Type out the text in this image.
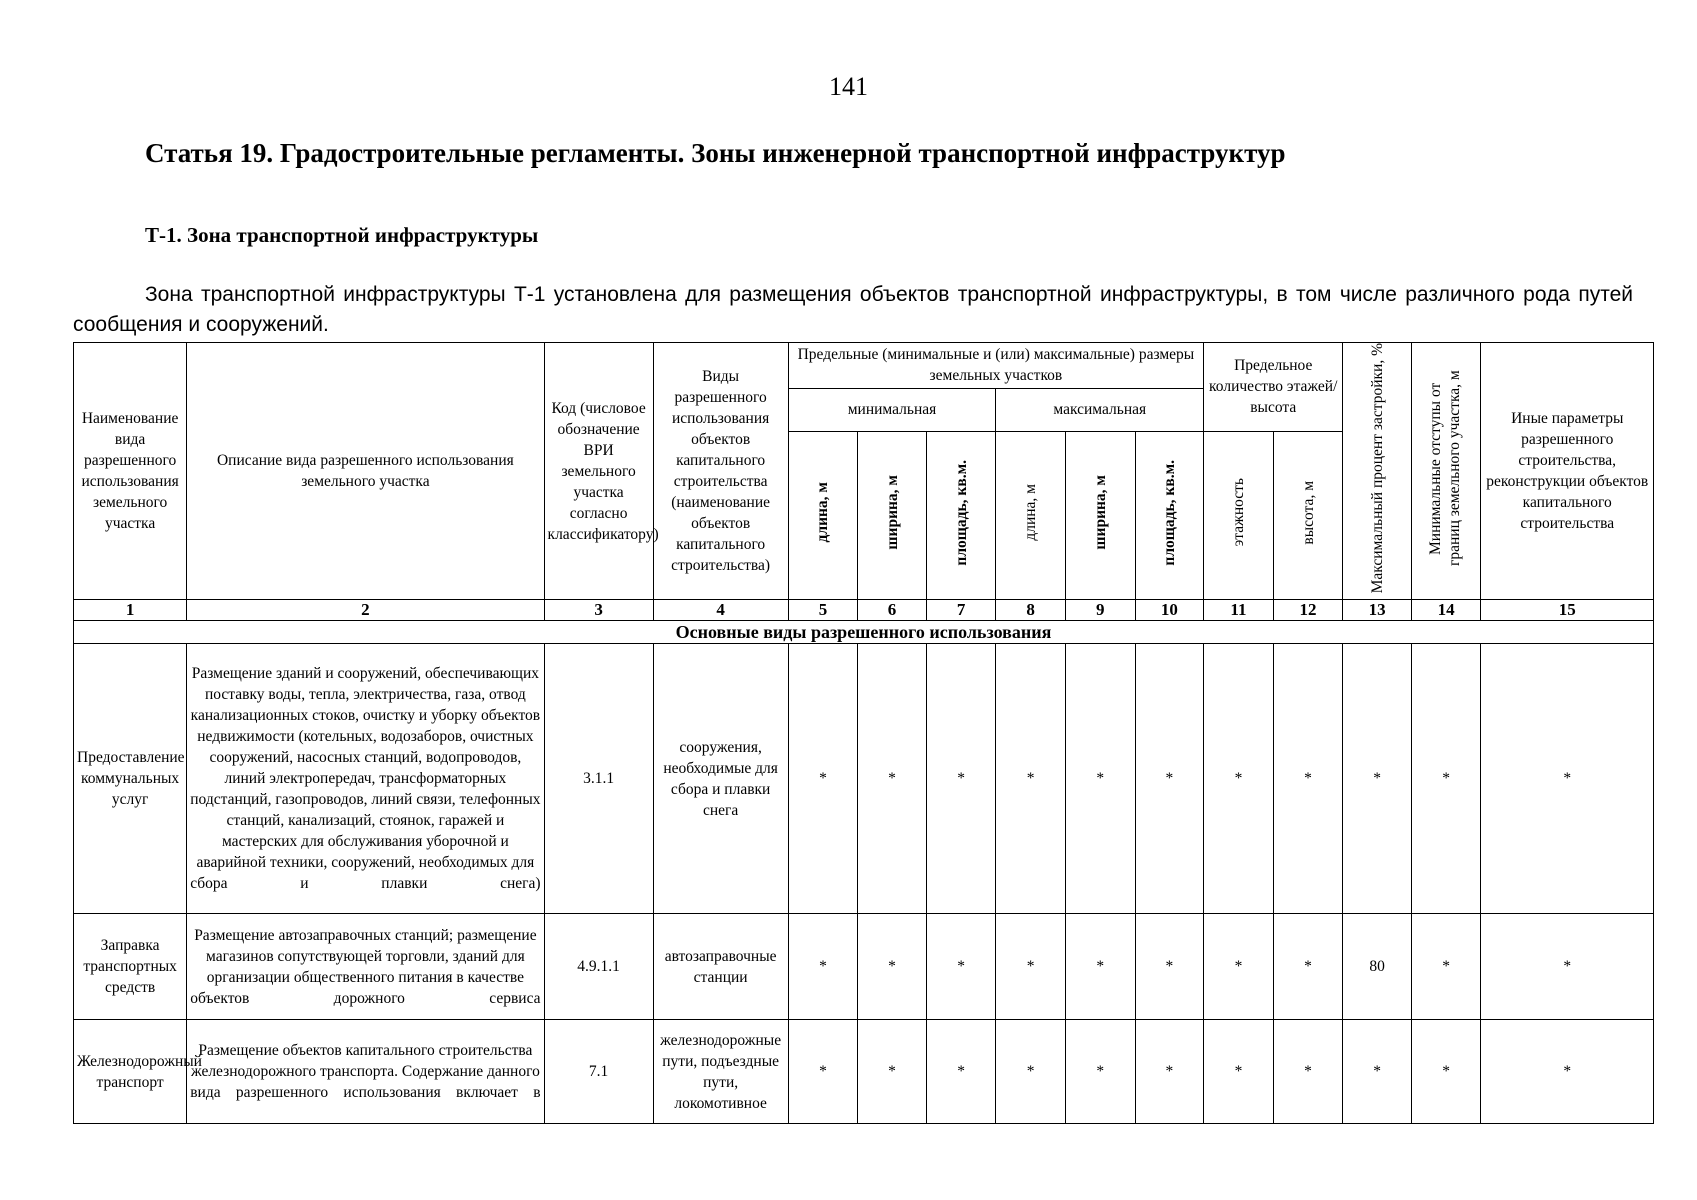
141
Статья 19. Градостроительные регламенты. Зоны инженерной транспортной инфраструктур
Т-1. Зона транспортной инфраструктуры
Зона транспортной инфраструктуры Т-1 установлена для размещения объектов транспортной инфраструктуры, в том числе различного рода путей сообщения и сооружений.
Наименование вида разрешенного использования земельного участка	Описание вида разрешенного использования земельного участка	Код (числовое обозначение ВРИ земельного участка согласно классификатору)	Виды разрешенного использования объектов капитального строительства (наименование объектов капитального строительства)	Предельные (минимальные и (или) максимальные) размеры земельных участков						Предельное количество этажей/ высота		Максимальный процент застройки, %	Минимальные отступы от границ земельного участка, м	Иные параметры разрешенного строительства, реконструкции объектов капитального строительства
				минимальная			максимальная							
				длина, м	ширина, м	площадь, кв.м.	длина, м	ширина, м	площадь, кв.м.	этажность	высота, м			
1	2	3	4	5	6	7	8	9	10	11	12	13	14	15
Основные виды разрешенного использования														
Предоставление коммунальных услуг	Размещение зданий и сооружений, обеспечивающих поставку воды, тепла, электричества, газа, отвод канализационных стоков, очистку и уборку объектов недвижимости (котельных, водозаборов, очистных сооружений, насосных станций, водопроводов, линий электропередач, трансформаторных подстанций, газопроводов, линий связи, телефонных станций, канализаций, стоянок, гаражей и мастерских для обслуживания уборочной и аварийной техники, сооружений, необходимых для сбора и плавки снега)	3.1.1	сооружения, необходимые для сбора и плавки снега	*	*	*	*	*	*	*	*	*	*	*
Заправка транспортных средств	Размещение автозаправочных станций; размещение магазинов сопутствующей торговли, зданий для организации общественного питания в качестве объектов дорожного сервиса	4.9.1.1	автозаправочные станции	*	*	*	*	*	*	*	*	80	*	*
Железнодорожный транспорт	Размещение объектов капитального строительства железнодорожного транспорта. Содержание данного вида разрешенного использования включает в	7.1	железнодорожные пути, подъездные пути, локомотивное	*	*	*	*	*	*	*	*	*	*	*
